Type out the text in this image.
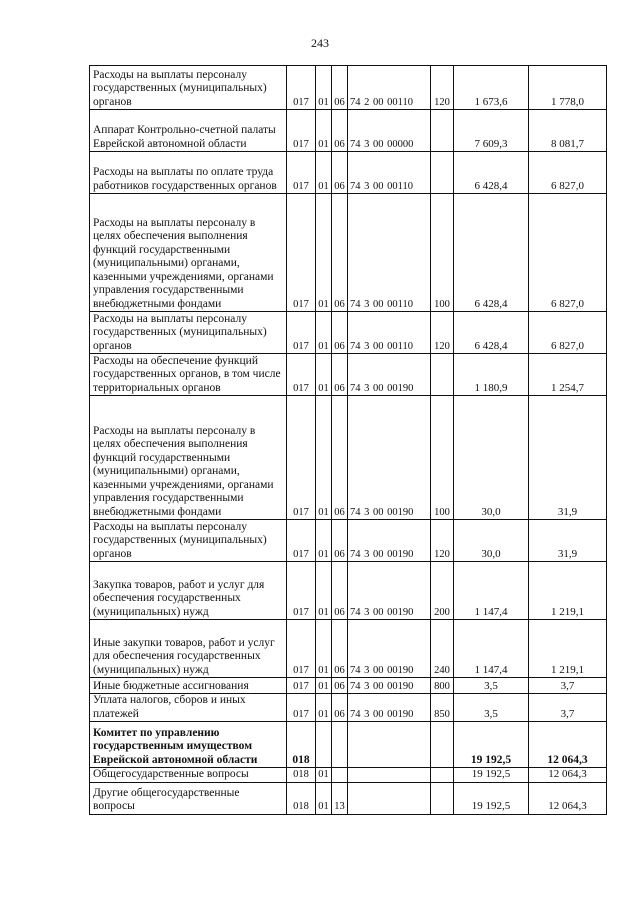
243
Расходы на выплаты персоналу государственных (муниципальных) органов	017	01	06	74 2 00 00110	120	1 673,6	1 778,0
Аппарат Контрольно-счетной палаты Еврейской автономной области	017	01	06	74 3 00 00000		7 609,3	8 081,7
Расходы на выплаты по оплате труда работников государственных органов	017	01	06	74 3 00 00110		6 428,4	6 827,0
Расходы на выплаты персоналу в целях обеспечения выполнения функций государственными (муниципальными) органами, казенными учреждениями, органами управления государственными внебюджетными фондами	017	01	06	74 3 00 00110	100	6 428,4	6 827,0
Расходы на выплаты персоналу государственных (муниципальных) органов	017	01	06	74 3 00 00110	120	6 428,4	6 827,0
Расходы на обеспечение функций государственных органов, в том числе территориальных органов	017	01	06	74 3 00 00190		1 180,9	1 254,7
Расходы на выплаты персоналу в целях обеспечения выполнения функций государственными (муниципальными) органами, казенными учреждениями, органами управления государственными внебюджетными фондами	017	01	06	74 3 00 00190	100	30,0	31,9
Расходы на выплаты персоналу государственных (муниципальных) органов	017	01	06	74 3 00 00190	120	30,0	31,9
Закупка товаров, работ и услуг для обеспечения государственных (муниципальных) нужд	017	01	06	74 3 00 00190	200	1 147,4	1 219,1
Иные закупки товаров, работ и услуг для обеспечения государственных (муниципальных) нужд	017	01	06	74 3 00 00190	240	1 147,4	1 219,1
Иные бюджетные ассигнования	017	01	06	74 3 00 00190	800	3,5	3,7
Уплата налогов, сборов и иных платежей	017	01	06	74 3 00 00190	850	3,5	3,7
Комитет по управлению государственным имуществом Еврейской автономной области	018					19 192,5	12 064,3
Общегосударственные вопросы	018	01				19 192,5	12 064,3
Другие общегосударственные вопросы	018	01	13			19 192,5	12 064,3
